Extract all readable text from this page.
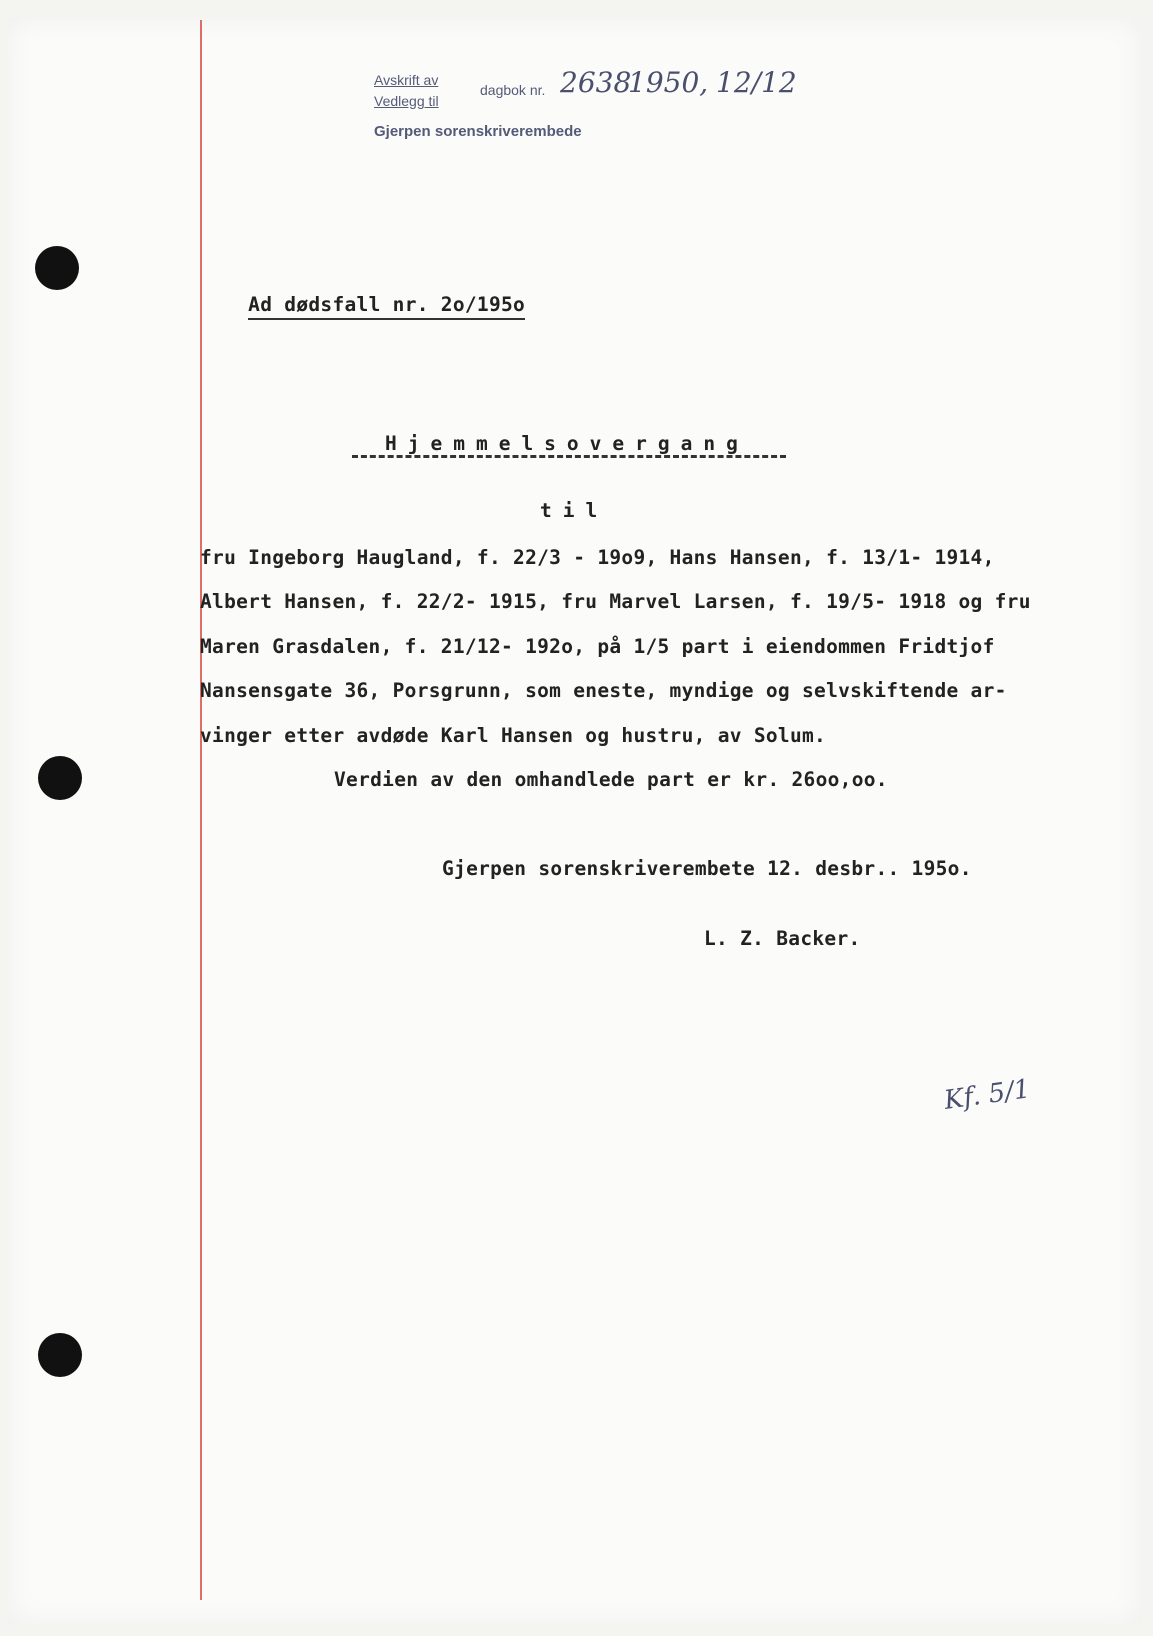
Avskrift av
dagbok nr.
Vedlegg til
Gjerpen sorenskriverembede
2638
1950, 12/12

Ad dødsfall nr. 2o/195o

Hjemmelsovergang
til
fru Ingeborg Haugland, f. 22/3 - 19o9, Hans Hansen, f. 13/1- 1914,
Albert Hansen, f. 22/2- 1915, fru Marvel Larsen, f. 19/5- 1918 og fru
Maren Grasdalen, f. 21/12- 192o, på 1/5 part i eiendommen Fridtjof
Nansensgate 36, Porsgrunn, som eneste, myndige og selvskiftende ar-
vinger etter avdøde Karl Hansen og hustru, av Solum.
Verdien av den omhandlede part er kr. 26oo,oo.
Gjerpen sorenskriverembete 12. desbr.. 195o.
L. Z. Backer.
Kf. 5/1
